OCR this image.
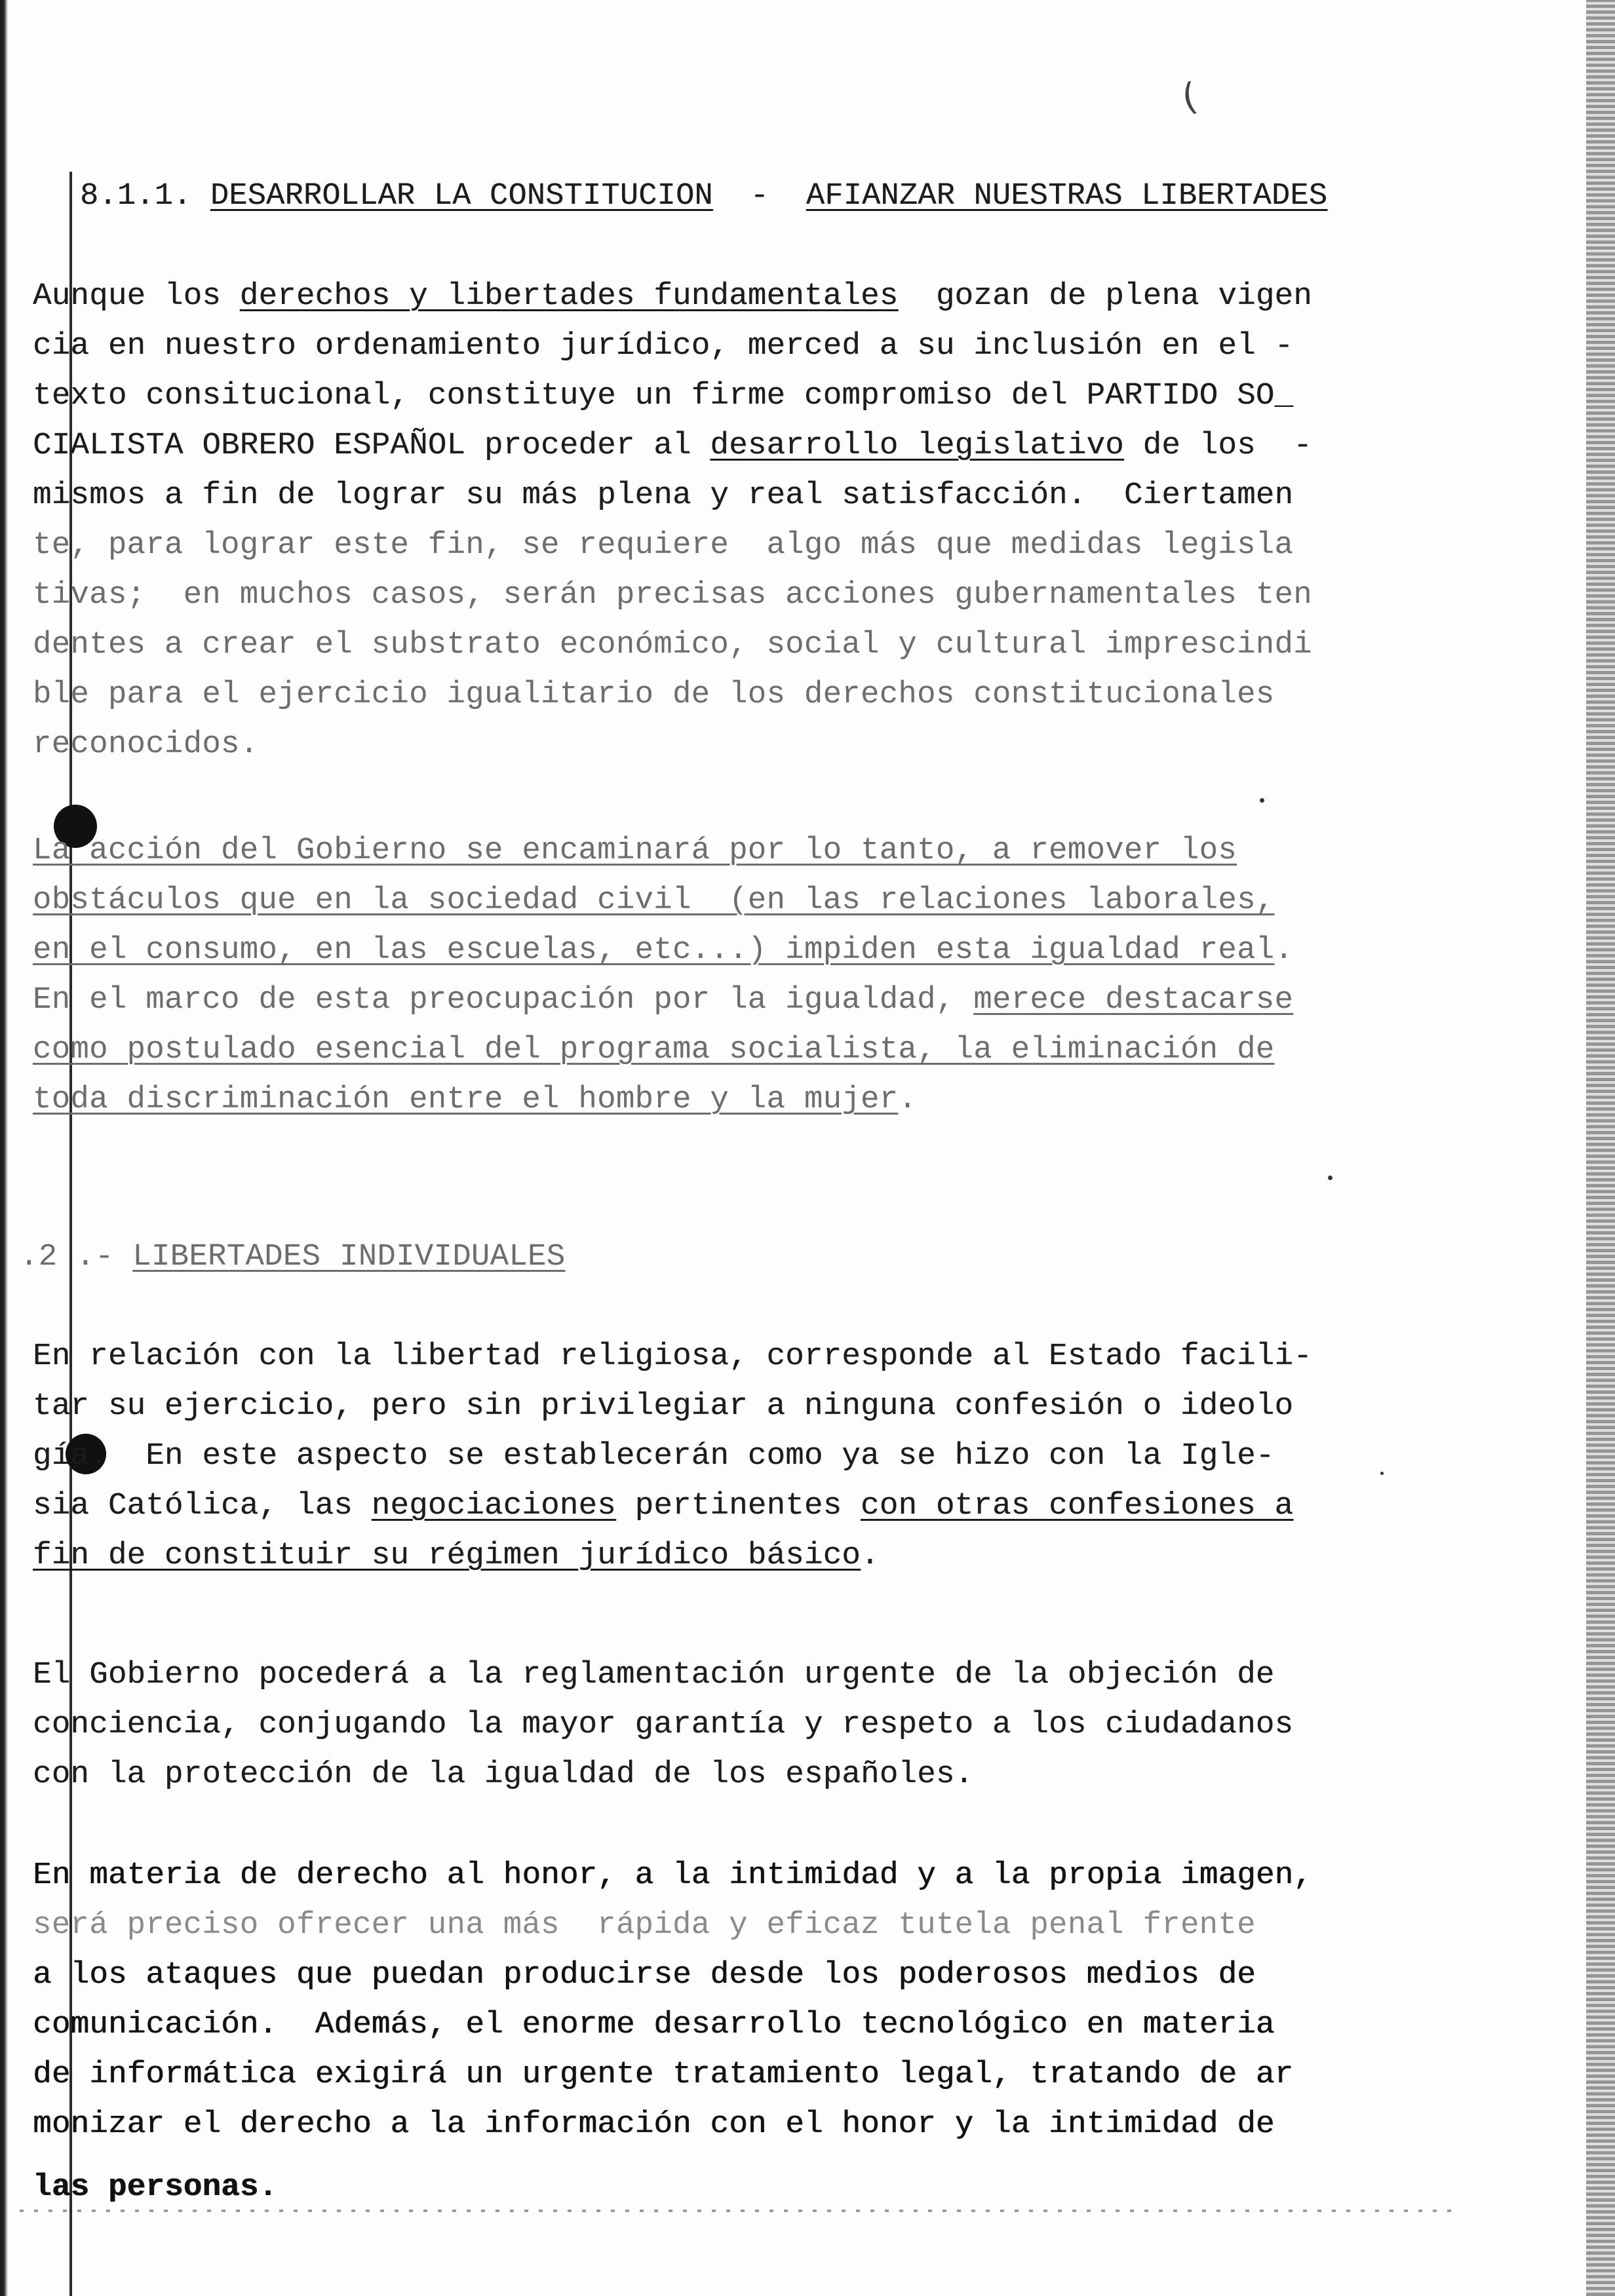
(
8.1.1. DESARROLLAR LA CONSTITUCION  -  AFIANZAR NUESTRAS LIBERTADES
Aunque los derechos y libertades fundamentales  gozan de plena vigen
cia en nuestro ordenamiento jurídico, merced a su inclusión en el -
texto consitucional, constituye un firme compromiso del PARTIDO SO_
CIALISTA OBRERO ESPAÑOL proceder al desarrollo legislativo de los  -
mismos a fin de lograr su más plena y real satisfacción.  Ciertamen
te, para lograr este fin, se requiere  algo más que medidas legisla
tivas;  en muchos casos, serán precisas acciones gubernamentales ten
dentes a crear el substrato económico, social y cultural imprescindi
ble para el ejercicio igualitario de los derechos constitucionales
reconocidos.
La acción del Gobierno se encaminará por lo tanto, a remover los
obstáculos que en la sociedad civil  (en las relaciones laborales,
en el consumo, en las escuelas, etc...) impiden esta igualdad real.
En el marco de esta preocupación por la igualdad, merece destacarse
como postulado esencial del programa socialista, la eliminación de
toda discriminación entre el hombre y la mujer.
.2 .- LIBERTADES INDIVIDUALES
En relación con la libertad religiosa, corresponde al Estado facili-
tar su ejercicio, pero sin privilegiar a ninguna confesión o ideolo
gía.  En este aspecto se establecerán como ya se hizo con la Igle-
sia Católica, las negociaciones pertinentes con otras confesiones a
fin de constituir su régimen jurídico básico.
El Gobierno pocederá a la reglamentación urgente de la objeción de
conciencia, conjugando la mayor garantía y respeto a los ciudadanos
con la protección de la igualdad de los españoles.
En materia de derecho al honor, a la intimidad y a la propia imagen,
será preciso ofrecer una más  rápida y eficaz tutela penal frente
a los ataques que puedan producirse desde los poderosos medios de
comunicación.  Además, el enorme desarrollo tecnológico en materia
de informática exigirá un urgente tratamiento legal, tratando de ar
monizar el derecho a la información con el honor y la intimidad de
las personas.
